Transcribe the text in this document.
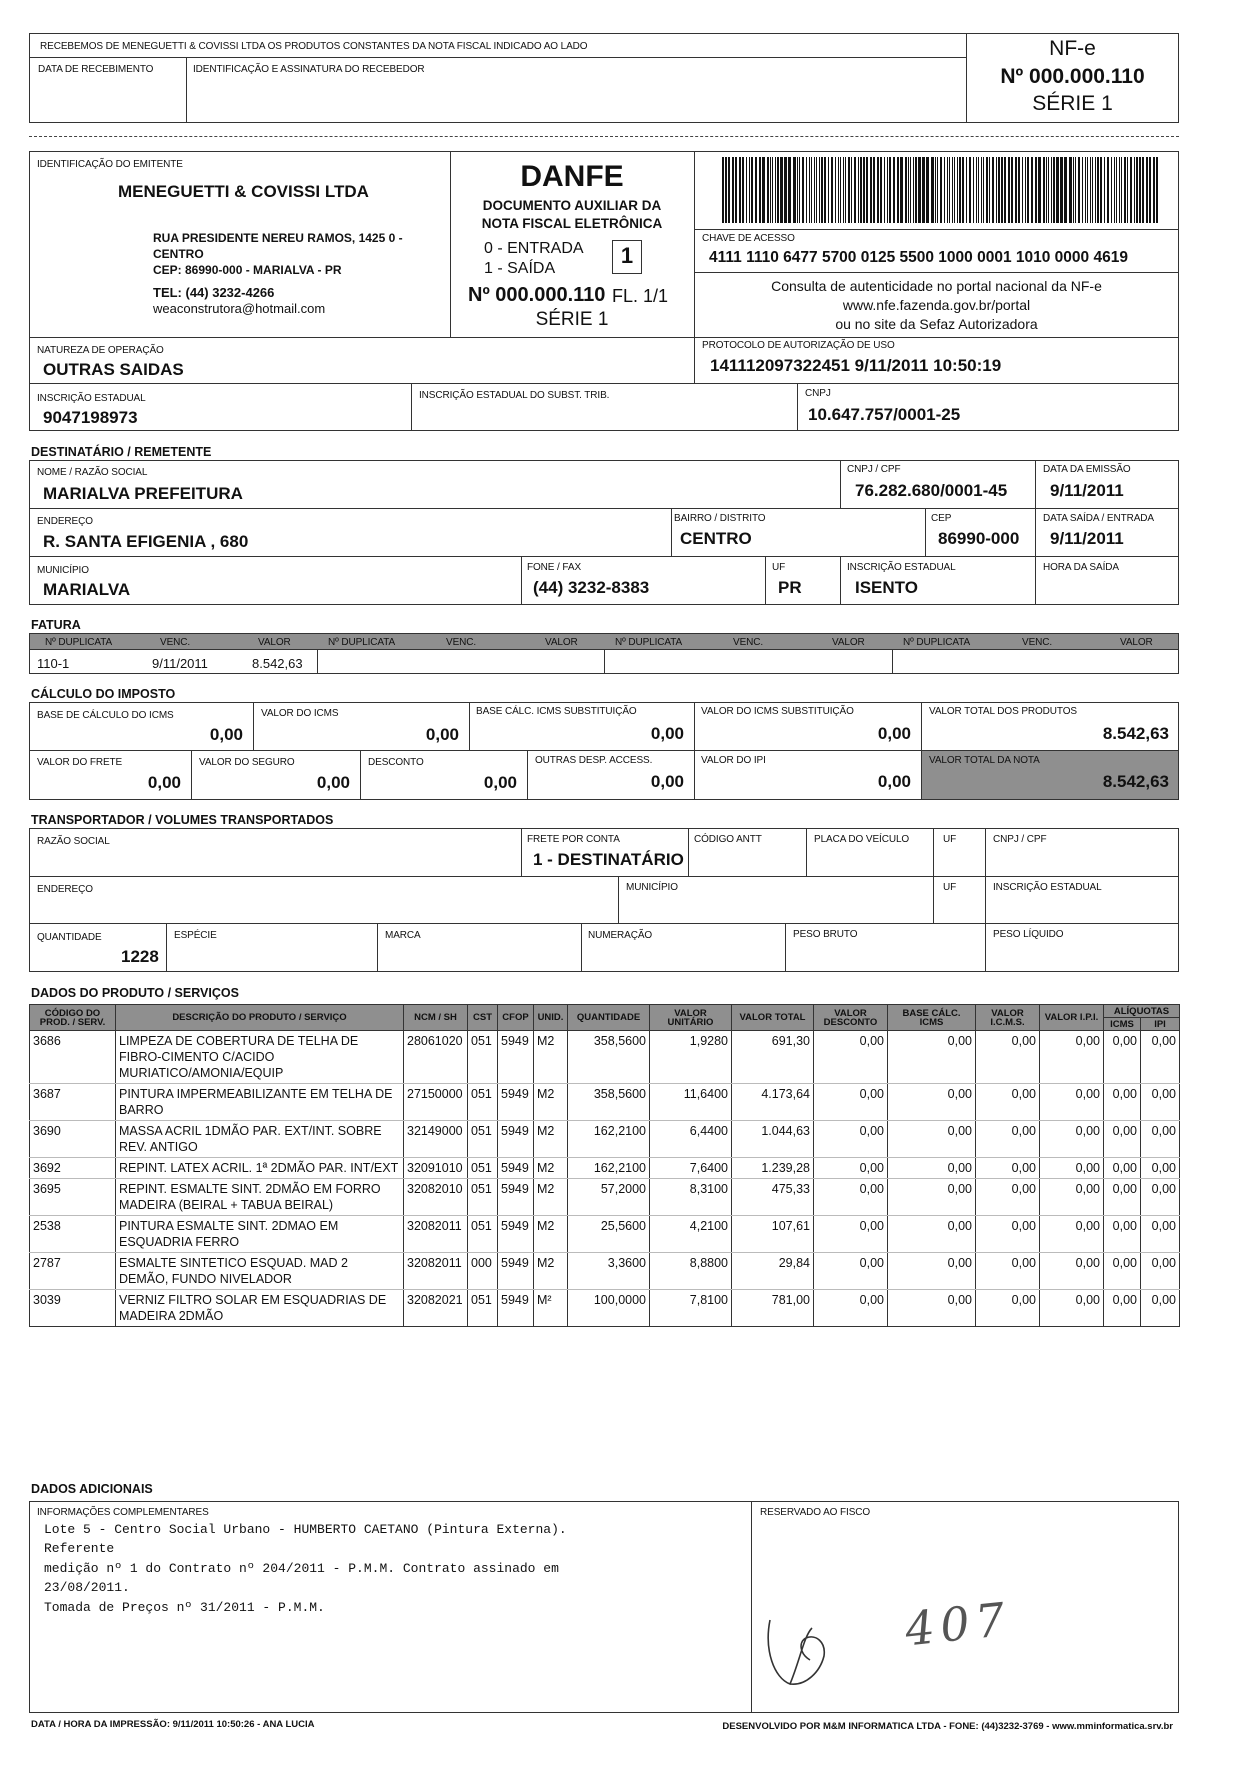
RECEBEMOS DE MENEGUETTI & COVISSI LTDA OS PRODUTOS CONSTANTES DA NOTA FISCAL INDICADO AO LADO
DATA DE RECEBIMENTO	IDENTIFICAÇÃO E ASSINATURA DO RECEBEDOR
NF-e
Nº 000.000.110
SÉRIE 1
IDENTIFICAÇÃO DO EMITENTE
MENEGUETTI & COVISSI LTDA
RUA PRESIDENTE NEREU RAMOS, 1425 0 -
CENTRO
CEP: 86990-000 - MARIALVA - PR
TEL: (44) 3232-4266
weaconstrutora@hotmail.com
DANFE
DOCUMENTO AUXILIAR DA
NOTA FISCAL ELETRÔNICA
0 - ENTRADA
1 - SAÍDA
1
Nº 000.000.110 FL. 1/1
SÉRIE 1
CHAVE DE ACESSO
4111 1110 6477 5700 0125 5500 1000 0001 1010 0000 4619
Consulta de autenticidade no portal nacional da NF-e
www.nfe.fazenda.gov.br/portal
ou no site da Sefaz Autorizadora
NATUREZA DE OPERAÇÃO
OUTRAS SAIDAS
PROTOCOLO DE AUTORIZAÇÃO DE USO
141112097322451 9/11/2011 10:50:19
INSCRIÇÃO ESTADUAL
9047198973
INSCRIÇÃO ESTADUAL DO SUBST. TRIB.	CNPJ
10.647.757/0001-25
DESTINATÁRIO / REMETENTE
NOME / RAZÃO SOCIAL
MARIALVA PREFEITURA
CNPJ / CPF
76.282.680/0001-45
DATA DA EMISSÃO
9/11/2011
ENDEREÇO
R. SANTA EFIGENIA , 680
BAIRRO / DISTRITO
CENTRO
CEP
86990-000
DATA SAÍDA / ENTRADA
9/11/2011
MUNICÍPIO
MARIALVA
FONE / FAX
(44) 3232-8383
UF
PR
INSCRIÇÃO ESTADUAL
ISENTO
HORA DA SAÍDA
FATURA
Nº DUPLICATA	VENC.	VALOR	Nº DUPLICATA	VENC.	VALOR	Nº DUPLICATA	VENC.	VALOR	Nº DUPLICATA	VENC.	VALOR
110-1	9/11/2011	8.542,63
CÁLCULO DO IMPOSTO
BASE DE CÁLCULO DO ICMS
0,00
VALOR DO ICMS
0,00
BASE CÁLC. ICMS SUBSTITUIÇÃO
0,00
VALOR DO ICMS SUBSTITUIÇÃO
0,00
VALOR TOTAL DOS PRODUTOS
8.542,63
VALOR DO FRETE
0,00
VALOR DO SEGURO
0,00
DESCONTO
0,00
OUTRAS DESP. ACCESS.
0,00
VALOR DO IPI
0,00
VALOR TOTAL DA NOTA
8.542,63
TRANSPORTADOR / VOLUMES TRANSPORTADOS
RAZÃO SOCIAL	FRETE POR CONTA
1 - DESTINATÁRIO
CÓDIGO ANTT	PLACA DO VEÍCULO	UF	CNPJ / CPF
ENDEREÇO	MUNICÍPIO	UF	INSCRIÇÃO ESTADUAL
QUANTIDADE
1228
ESPÉCIE	MARCA	NUMERAÇÃO	PESO BRUTO	PESO LÍQUIDO
DADOS DO PRODUTO / SERVIÇOS
CÓDIGO DO PROD. / SERV.	DESCRIÇÃO DO PRODUTO / SERVIÇO	NCM / SH	CST	CFOP	UNID.	QUANTIDADE	VALOR UNITÁRIO	VALOR TOTAL	VALOR DESCONTO	BASE CÁLC. ICMS	VALOR I.C.M.S.	VALOR I.P.I.	ALÍQUOTAS	
													ICMS	IPI
3686	LIMPEZA DE COBERTURA DE TELHA DE FIBRO-CIMENTO C/ACIDO MURIATICO/AMONIA/EQUIP	28061020	051	5949	M2	358,5600	1,9280	691,30	0,00	0,00	0,00	0,00	0,00	0,00
3687	PINTURA IMPERMEABILIZANTE EM TELHA DE BARRO	27150000	051	5949	M2	358,5600	11,6400	4.173,64	0,00	0,00	0,00	0,00	0,00	0,00
3690	MASSA ACRIL 1DMÃO PAR. EXT/INT. SOBRE REV. ANTIGO	32149000	051	5949	M2	162,2100	6,4400	1.044,63	0,00	0,00	0,00	0,00	0,00	0,00
3692	REPINT. LATEX ACRIL. 1ª 2DMÃO PAR. INT/EXT	32091010	051	5949	M2	162,2100	7,6400	1.239,28	0,00	0,00	0,00	0,00	0,00	0,00
3695	REPINT. ESMALTE SINT. 2DMÃO EM FORRO MADEIRA (BEIRAL + TABUA BEIRAL)	32082010	051	5949	M2	57,2000	8,3100	475,33	0,00	0,00	0,00	0,00	0,00	0,00
2538	PINTURA ESMALTE SINT. 2DMAO EM ESQUADRIA FERRO	32082011	051	5949	M2	25,5600	4,2100	107,61	0,00	0,00	0,00	0,00	0,00	0,00
2787	ESMALTE SINTETICO ESQUAD. MAD 2 DEMÃO, FUNDO NIVELADOR	32082011	000	5949	M2	3,3600	8,8800	29,84	0,00	0,00	0,00	0,00	0,00	0,00
3039	VERNIZ FILTRO SOLAR EM ESQUADRIAS DE MADEIRA 2DMÃO	32082021	051	5949	M²	100,0000	7,8100	781,00	0,00	0,00	0,00	0,00	0,00	0,00
DADOS ADICIONAIS
INFORMAÇÕES COMPLEMENTARES	RESERVADO AO FISCO
Lote 5 - Centro Social Urbano - HUMBERTO CAETANO (Pintura Externa).
Referente
medição nº 1 do Contrato nº 204/2011 - P.M.M. Contrato assinado em
23/08/2011.
Tomada de Preços nº 31/2011 - P.M.M.	407
DATA / HORA DA IMPRESSÃO: 9/11/2011 10:50:26 - ANA LUCIA	DESENVOLVIDO POR M&M INFORMATICA LTDA - FONE: (44)3232-3769 - www.mminformatica.srv.br
